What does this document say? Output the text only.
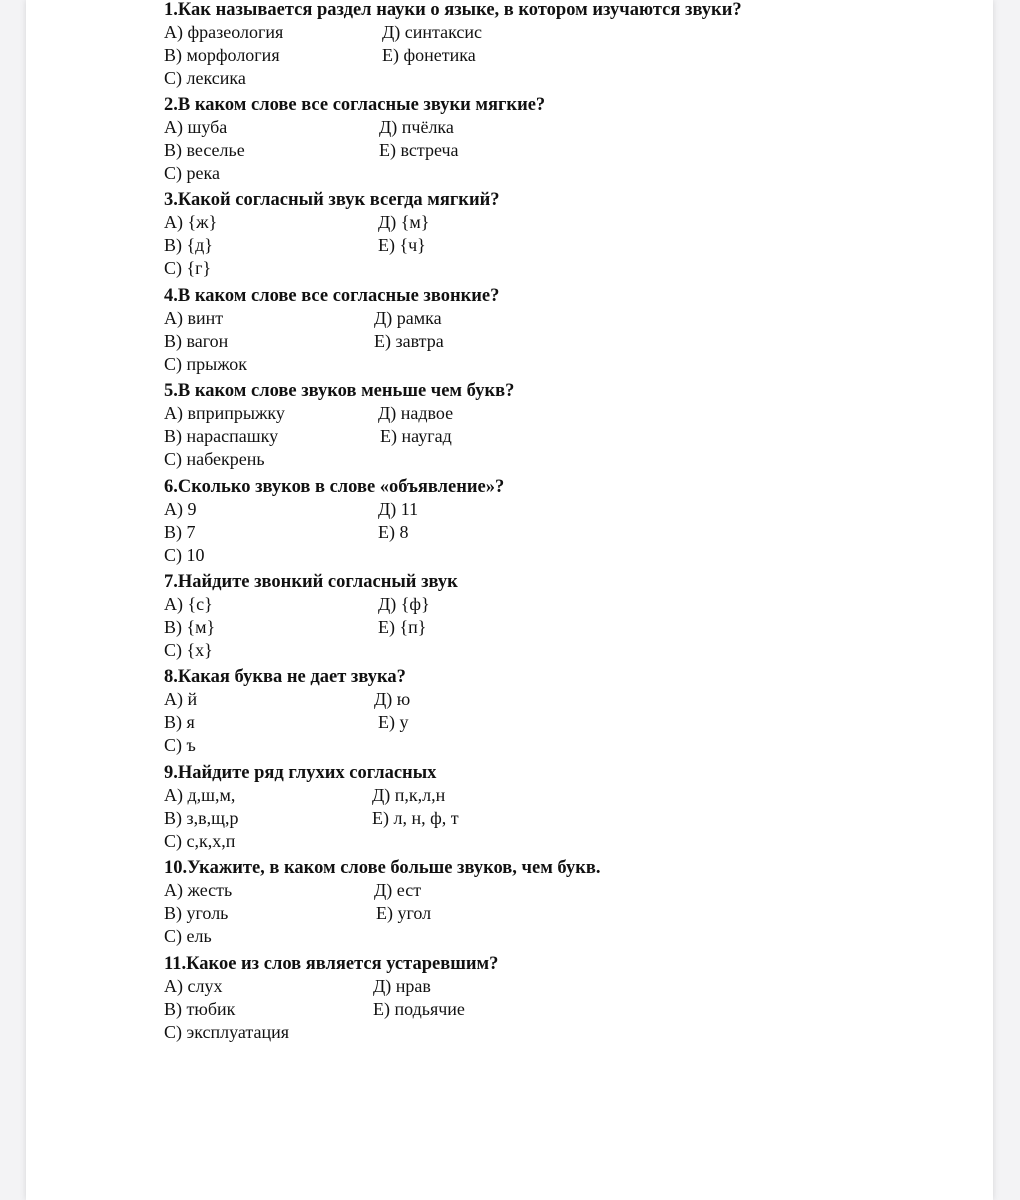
1.Как называется раздел науки о языке, в котором изучаются звуки?
А) фразеология	Д) синтаксис
В) морфология	Е) фонетика
С) лексика
2.В каком слове все согласные звуки мягкие?
А) шуба	Д) пчёлка
В) веселье	Е) встреча
С) река
3.Какой согласный звук всегда мягкий?
А) {ж}	Д) {м}
В) {д}	Е) {ч}
С) {г}
4.В каком слове все согласные звонкие?
А) винт	Д) рамка
В) вагон	Е) завтра
С) прыжок
5.В каком слове звуков меньше чем букв?
А) вприпрыжку	Д) надвое
В) нараспашку	Е) наугад
С) набекрень
6.Сколько звуков в слове «объявление»?
А) 9	Д) 11
В) 7	Е) 8
С) 10
7.Найдите звонкий согласный звук
А) {с}	Д) {ф}
В) {м}	Е) {п}
С) {х}
8.Какая буква не дает звука?
А) й	Д) ю
В) я	Е) у
С) ъ
9.Найдите ряд глухих согласных
А) д,ш,м,	Д) п,к,л,н
В) з,в,щ,р	Е) л, н, ф, т
С) с,к,х,п
10.Укажите, в каком слове больше звуков, чем букв.
А) жесть	Д) ест
В) уголь	Е) угол
С) ель
11.Какое из слов является устаревшим?
А) слух	Д) нрав
В) тюбик	Е) подьячие
С) эксплуатация
